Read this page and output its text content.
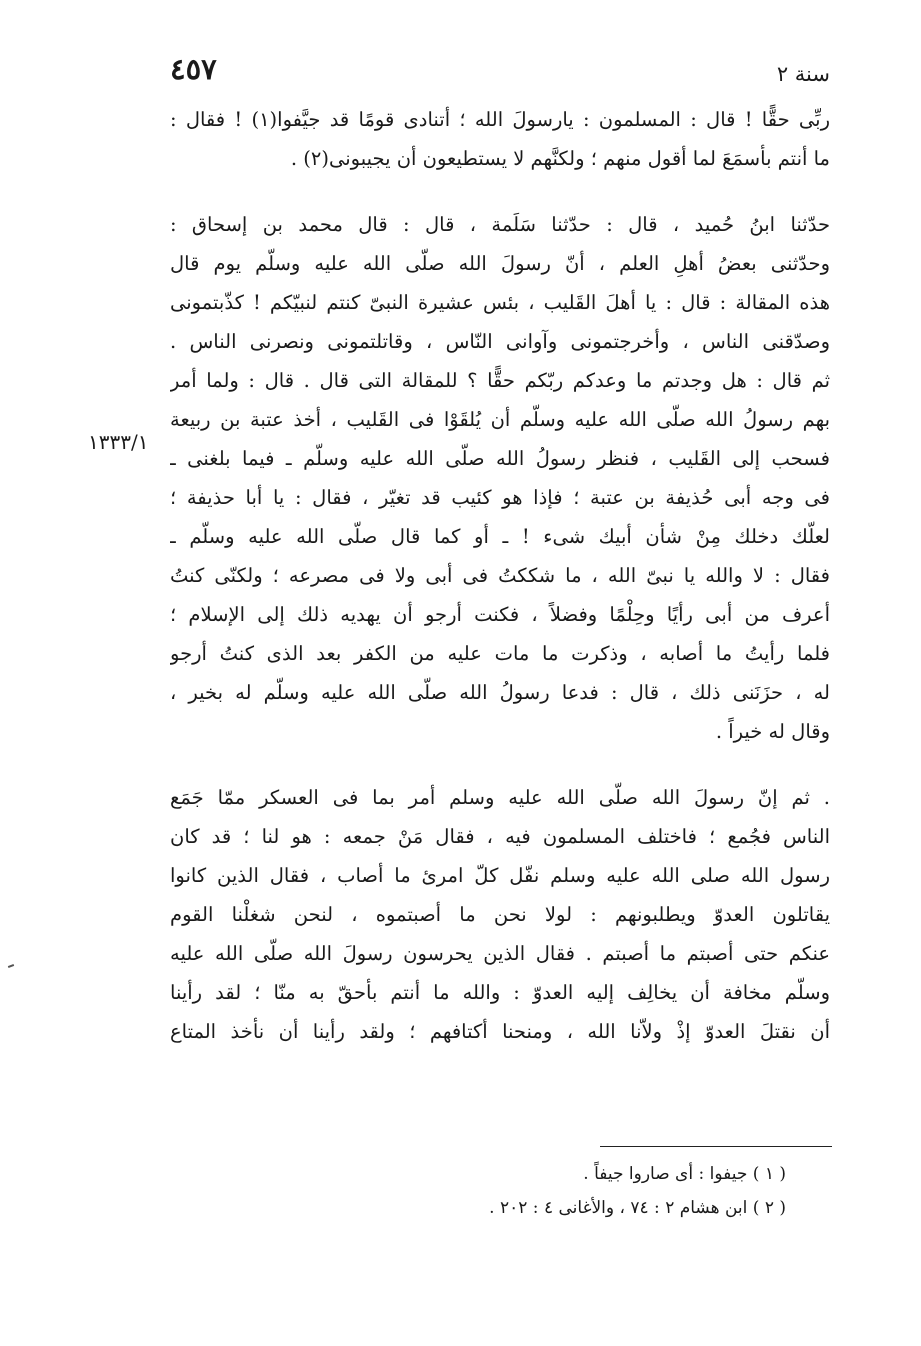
سنة ٢
٤٥٧
١٣٣٣/١
ربِّى حقًّا ! قال : المسلمون : يارسولَ الله ؛ أتنادى قومًا قد جيَّفوا(١) ! فقال :
ما أنتم بأسمَعَ لما أقول منهم ؛ ولكنَّهم لا يستطيعون أن يجيبونى(٢) .
حدّثنا ابنُ حُميد ، قال : حدّثنا سَلَمة ، قال : قال محمد بن إسحاق :
وحدّثنى بعضُ أهلِ العلم ، أنّ رسولَ الله صلّى الله عليه وسلّم يوم قال
هذه المقالة : قال : يا أهلَ القَليب ، بئس عشيرة النبىّ كنتم لنبيّكم ! كذّبتمونى
وصدّقنى الناس ، وأخرجتمونى وآوانى النّاس ، وقاتلتمونى ونصرنى الناس .
ثم قال : هل وجدتم ما وعدكم ربّكم حقًّا ؟ للمقالة التى قال . قال : ولما أمر
بهم رسولُ الله صلّى الله عليه وسلّم أن يُلقَوْا فى القَليب ، أخذ عتبة بن ربيعة
فسحب إلى القَليب ، فنظر رسولُ الله صلّى الله عليه وسلّم ـ فيما بلغنى ـ
فى وجه أبى حُذيفة بن عتبة ؛ فإذا هو كئيب قد تغيّر ، فقال : يا أبا حذيفة ؛
لعلّك دخلك مِنْ شأن أبيك شىء ! ـ أو كما قال صلّى الله عليه وسلّم ـ
فقال : لا والله يا نبىّ الله ، ما شككتُ فى أبى ولا فى مصرعه ؛ ولكنّى كنتُ
أعرف من أبى رأيًا وحِلْمًا وفضلاً ، فكنت أرجو أن يهديه ذلك إلى الإسلام ؛
فلما رأيتُ ما أصابه ، وذكرت ما مات عليه من الكفر بعد الذى كنتُ أرجو
له ، حزَنَنى ذلك ، قال : فدعا رسولُ الله صلّى الله عليه وسلّم له بخير ،
وقال له خيراً .
. ثم إنّ رسولَ الله صلّى الله عليه وسلم أمر بما فى العسكر ممّا جَمَع
الناس فجُمع ؛ فاختلف المسلمون فيه ، فقال مَنْ جمعه : هو لنا ؛ قد كان
رسول الله صلى الله عليه وسلم نفّل كلّ امرئ ما أصاب ، فقال الذين كانوا
يقاتلون العدوّ ويطلبونهم : لولا نحن ما أصبتموه ، لنحن شغلْنا القوم
عنكم حتى أصبتم ما أصبتم . فقال الذين يحرسون رسولَ الله صلّى الله عليه
وسلّم مخافة أن يخالِف إليه العدوّ : والله ما أنتم بأحقّ به منّا ؛ لقد رأينا
أن نقتلَ العدوّ إذْ ولاّنا الله ، ومنحنا أكتافهم ؛ ولقد رأينا أن نأخذ المتاع
( ١ ) جيفوا : أى صاروا جيفاً .
( ٢ ) ابن هشام ٢ : ٧٤ ، والأغانى ٤ : ٢٠٢ .
